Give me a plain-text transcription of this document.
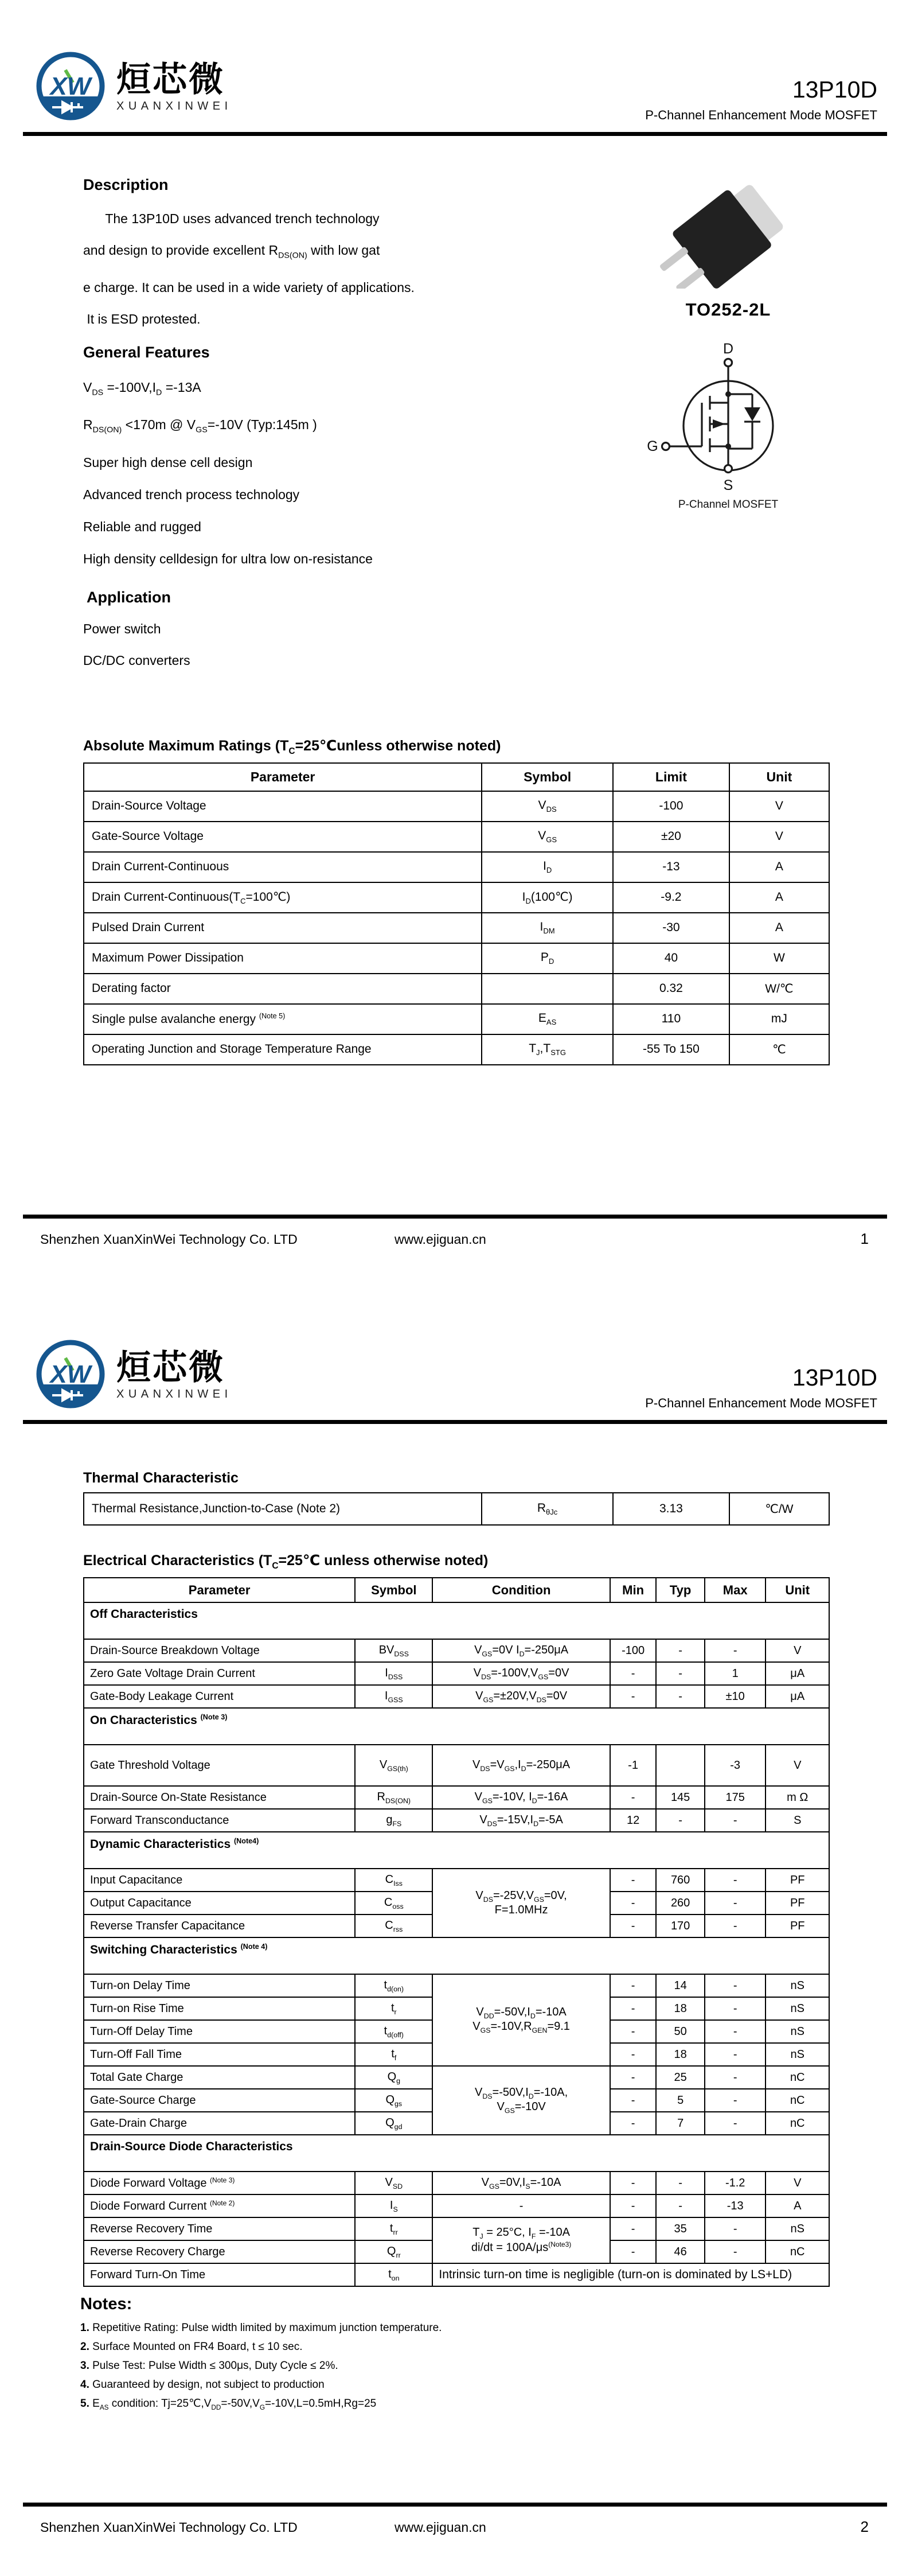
XW 烜芯微
XUANXINWEI
13P10D
P-Channel Enhancement Mode MOSFET
Description
The 13P10D uses advanced trench technology
and design to provide excellent $R_{DS(ON)}$ with low gat
e charge. It can be used in a wide variety of applications.
It is ESD protested.
General Features
$V_{DS} =-100V,I_D =-13A$
$R_{DS(ON)} <170m$ @ $V_{GS}=-10V$ (Typ:145m )
Super high dense cell design
Advanced trench process technology
Reliable and rugged
High density celldesign for ultra low on-resistance
Application
Power switch
DC/DC converters
TO252-2L
D
G
S
P-Channel MOSFET
Absolute Maximum Ratings ($T_C=25℃unless$ otherwise noted)
Parameter	Symbol	Limit	Unit
Drain-Source Voltage	$V_{DS}$	-100	V
Gate-Source Voltage	$V_{GS}$	±20	V
Drain Current-Continuous	$I_D$	-13	A
Drain Current-$Continuous(T_C=100℃)$	$I_D(100℃)$	-9.2	A
Pulsed Drain Current	$I_{DM}$	-30	A
Maximum Power Dissipation	$P_D$	40	W
Derating factor		0.32	W/℃
Single pulse avalanche energy $^{(Note 5)}$	$E_{AS}$	110	mJ
Operating Junction and Storage Temperature Range	$T_J,T_{STG}$	-55 To 150	℃
Shenzhen XuanXinWei Technology Co. LTD	www.ejiguan.cn	1
XW 烜芯微
XUANXINWEI
13P10D
P-Channel Enhancement Mode MOSFET
Thermal Characteristic
Thermal Resistance,Junction-to-Case (Note 2)	$R_{\theta Jc}$	3.13	℃/W
Electrical Characteristics ($T_C=25℃$ unless otherwise noted)
Parameter	Symbol	Condition	Min	Typ	Max	Unit
Off Characteristics						
Drain-Source Breakdown Voltage	$BV_{DSS}$	$V_{GS}=0V$ $I_D=-250\mu A$	-100	-	-	V
Zero Gate Voltage Drain Current	$I_{DSS}$	$V_{DS}=-100V,V_{GS}=0V$	-	-	1	μA
Gate-Body Leakage Current	$I_{GSS}$	$V_{GS}=\pm 20V,V_{DS}=0V$	-	-	±10	μA
On Characteristics $^{(Note 3)}$
Gate Threshold Voltage	$V_{GS(th)}$	$V_{DS}=V_{GS},I_D=-250\mu A$	-1		-3	V
Drain-Source On-State Resistance	$R_{DS(ON)}$	$V_{GS}=-10V$, $I_D=-16A$	-	145	175	m Ω
Forward Transconductance	$g_{FS}$	$V_{DS}=-15V,I_D=-5A$	12	-	-	S
Dynamic Characteristics $^{(Note4)}$
Input Capacitance	$C_{Iss}$	$V_{DS}=-25V,V_{GS}=0V$,
F=1.0MHz	-	760	-	PF
Output Capacitance	$C_{oss}$		-	260	-	PF
Reverse Transfer Capacitance	$C_{rss}$		-	170	-	PF
Switching Characteristics $^{(Note 4)}$
Turn-on Delay Time	$t_{d(on)}$	$V_{DD}=-50V,I_D=-10A$
$V_{GS}=-10V,R_{GEN}=9.1$	-	14	-	nS
Turn-on Rise Time	$t_r$		-	18	-	nS
Turn-Off Delay Time	$t_{d(off)}$		-	50	-	nS
Turn-Off Fall Time	$t_f$		-	18	-	nS
Total Gate Charge	$Q_g$	$V_{DS}=-50V,I_D=-10A$,
$V_{GS}=-10V$	-	25	-	nC
Gate-Source Charge	$Q_{gs}$		-	5	-	nC
Gate-Drain Charge	$Q_{gd}$		-	7	-	nC
Drain-Source Diode Characteristics						
Diode Forward Voltage $^{(Note 3)}$	$V_{SD}$	$V_{GS}=0V,I_S=-10A$	-	-	-1.2	V
Diode Forward Current $^{(Note 2)}$	$I_S$	-	-	-	-13	A
Reverse Recovery Time	$t_{rr}$	$T_J = 25^\circ C$, $I_F =-10A$
$di/dt = 100A/\mu s^{(Note3)}$	-	35	-	nS
Reverse Recovery Charge	$Q_{rr}$		-	46	-	nC
Forward Turn-On Time	$t_{on}$	Intrinsic turn-on time is negligible (turn-on is dominated by LS+LD)				
Notes:
1. Repetitive Rating: Pulse width limited by maximum junction temperature.
2. Surface Mounted on FR4 Board, t ≤ 10 sec.
3. Pulse Test: Pulse Width ≤ 300μs, Duty Cycle ≤ 2%.
4. Guaranteed by design, not subject to production
5. $E_{AS}$ condition: $Tj=25℃,V_{DD}=-50V,V_G=-10V,L=0.5mH,Rg=25$
Shenzhen XuanXinWei Technology Co. LTD	www.ejiguan.cn	2
